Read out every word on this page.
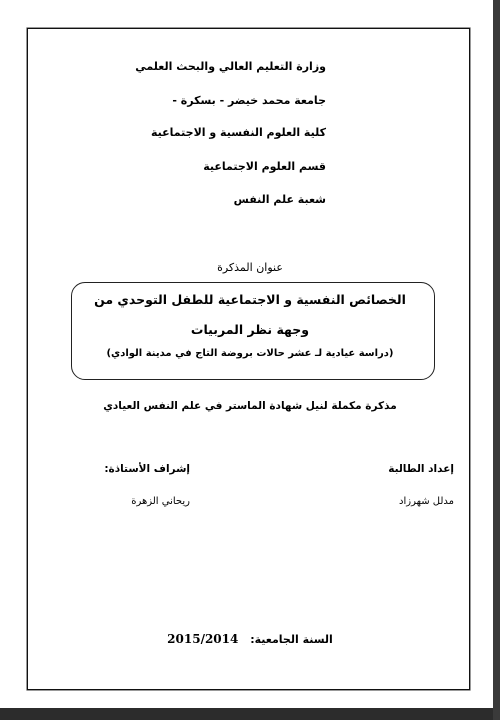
وزارة التعليم العالي والبحث العلمي
جامعة محمد خيضر - بسكرة -
كلية العلوم النفسية و الاجتماعية
قسم العلوم الاجتماعية
شعبة علم النفس
عنوان المذكرة
الخصائص النفسية و الاجتماعية للطفل التوحدي من
وجهة نظر المربيات
(دراسة عيادية لـ عشر حالات بروضة التاج في مدينة الوادي)
مذكرة مكملة لنيل شهادة الماستر في علم النفس العيادي
إعداد الطالبة
إشراف الأستاذة:
مدلل شهرزاد
ريحاني الزهرة
السنة الجامعية: 2015/2014
